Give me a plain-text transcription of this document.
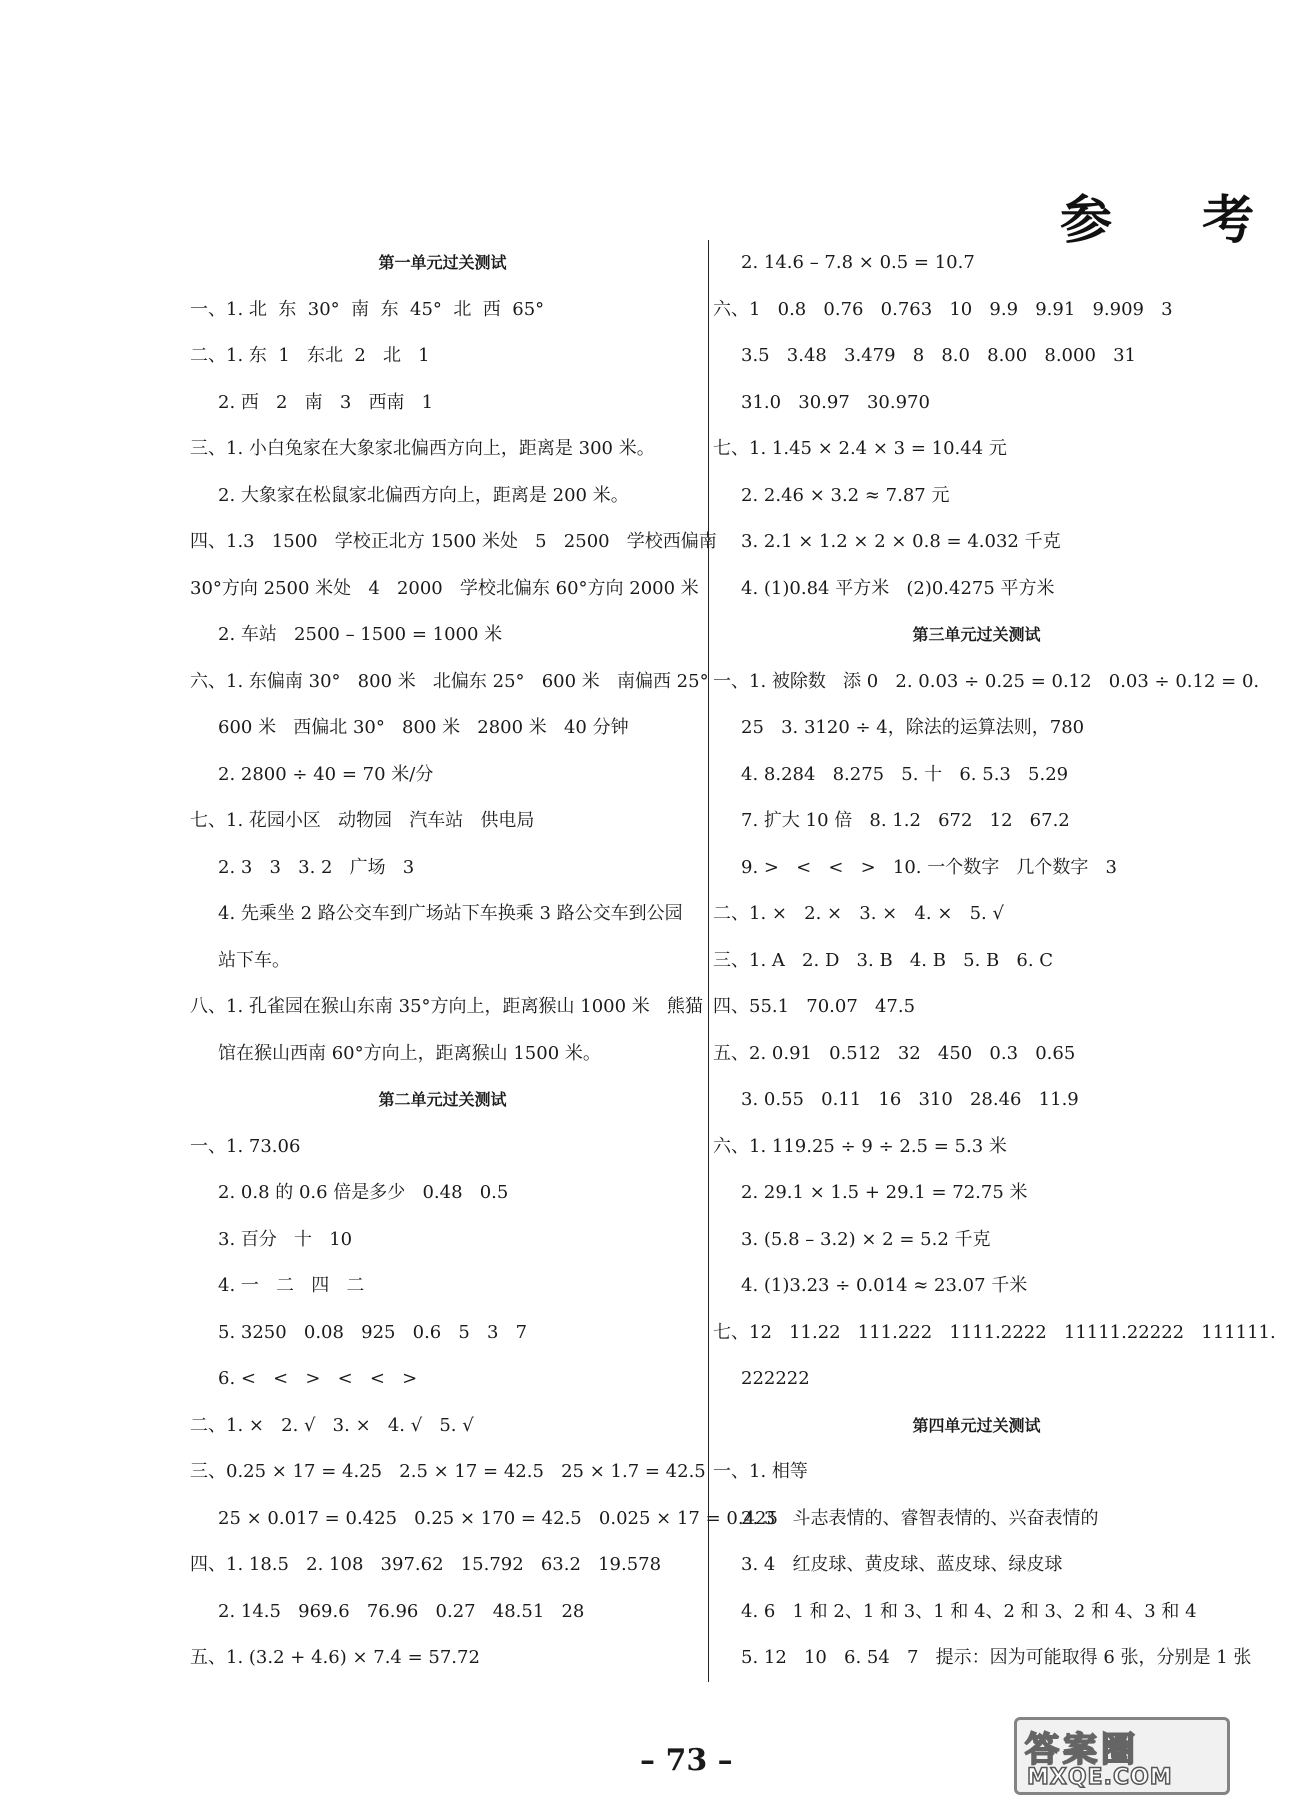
参 考
第一单元过关测试
一、1. 北  东  30°  南  东  45°  北  西  65°
二、1. 东  1   东北  2   北   1
2. 西   2   南   3   西南   1
三、1. 小白兔家在大象家北偏西方向上，距离是 300 米。
2. 大象家在松鼠家北偏西方向上，距离是 200 米。
四、1.3   1500   学校正北方 1500 米处   5   2500   学校西偏南
30°方向 2500 米处   4   2000   学校北偏东 60°方向 2000 米
2. 车站   2500 – 1500 = 1000 米
六、1. 东偏南 30°   800 米   北偏东 25°   600 米   南偏西 25°
600 米   西偏北 30°   800 米   2800 米   40 分钟
2. 2800 ÷ 40 = 70 米/分
七、1. 花园小区   动物园   汽车站   供电局
2. 3   3   3. 2   广场   3
4. 先乘坐 2 路公交车到广场站下车换乘 3 路公交车到公园
站下车。
八、1. 孔雀园在猴山东南 35°方向上，距离猴山 1000 米   熊猫
馆在猴山西南 60°方向上，距离猴山 1500 米。
第二单元过关测试
一、1. 73.06
2. 0.8 的 0.6 倍是多少   0.48   0.5
3. 百分   十   10
4. 一   二   四   二
5. 3250   0.08   925   0.6   5   3   7
6. <   <   >   <   <   >
二、1. ×   2. √   3. ×   4. √   5. √
三、0.25 × 17 = 4.25   2.5 × 17 = 42.5   25 × 1.7 = 42.5
25 × 0.017 = 0.425   0.25 × 170 = 42.5   0.025 × 17 = 0.425
四、1. 18.5   2. 108   397.62   15.792   63.2   19.578
2. 14.5   969.6   76.96   0.27   48.51   28
五、1. (3.2 + 4.6) × 7.4 = 57.72
2. 14.6 – 7.8 × 0.5 = 10.7
六、1   0.8   0.76   0.763   10   9.9   9.91   9.909   3
3.5   3.48   3.479   8   8.0   8.00   8.000   31
31.0   30.97   30.970
七、1. 1.45 × 2.4 × 3 = 10.44 元
2. 2.46 × 3.2 ≈ 7.87 元
3. 2.1 × 1.2 × 2 × 0.8 = 4.032 千克
4. (1)0.84 平方米   (2)0.4275 平方米
第三单元过关测试
一、1. 被除数   添 0   2. 0.03 ÷ 0.25 = 0.12   0.03 ÷ 0.12 = 0.
25   3. 3120 ÷ 4，除法的运算法则，780
4. 8.284   8.275   5. 十   6. 5.3   5.29
7. 扩大 10 倍   8. 1.2   672   12   67.2
9. >   <   <   >   10. 一个数字   几个数字   3
二、1. ×   2. ×   3. ×   4. ×   5. √
三、1. A   2. D   3. B   4. B   5. B   6. C
四、55.1   70.07   47.5
五、2. 0.91   0.512   32   450   0.3   0.65
3. 0.55   0.11   16   310   28.46   11.9
六、1. 119.25 ÷ 9 ÷ 2.5 = 5.3 米
2. 29.1 × 1.5 + 29.1 = 72.75 米
3. (5.8 – 3.2) × 2 = 5.2 千克
4. (1)3.23 ÷ 0.014 ≈ 23.07 千米
七、12   11.22   111.222   1111.2222   11111.22222   111111.
222222
第四单元过关测试
一、1. 相等
2. 3   斗志表情的、睿智表情的、兴奋表情的
3. 4   红皮球、黄皮球、蓝皮球、绿皮球
4. 6   1 和 2、1 和 3、1 和 4、2 和 3、2 和 4、3 和 4
5. 12   10   6. 54   7   提示：因为可能取得 6 张，分别是 1 张
– 73 –	答案圈
MXQE.COM
